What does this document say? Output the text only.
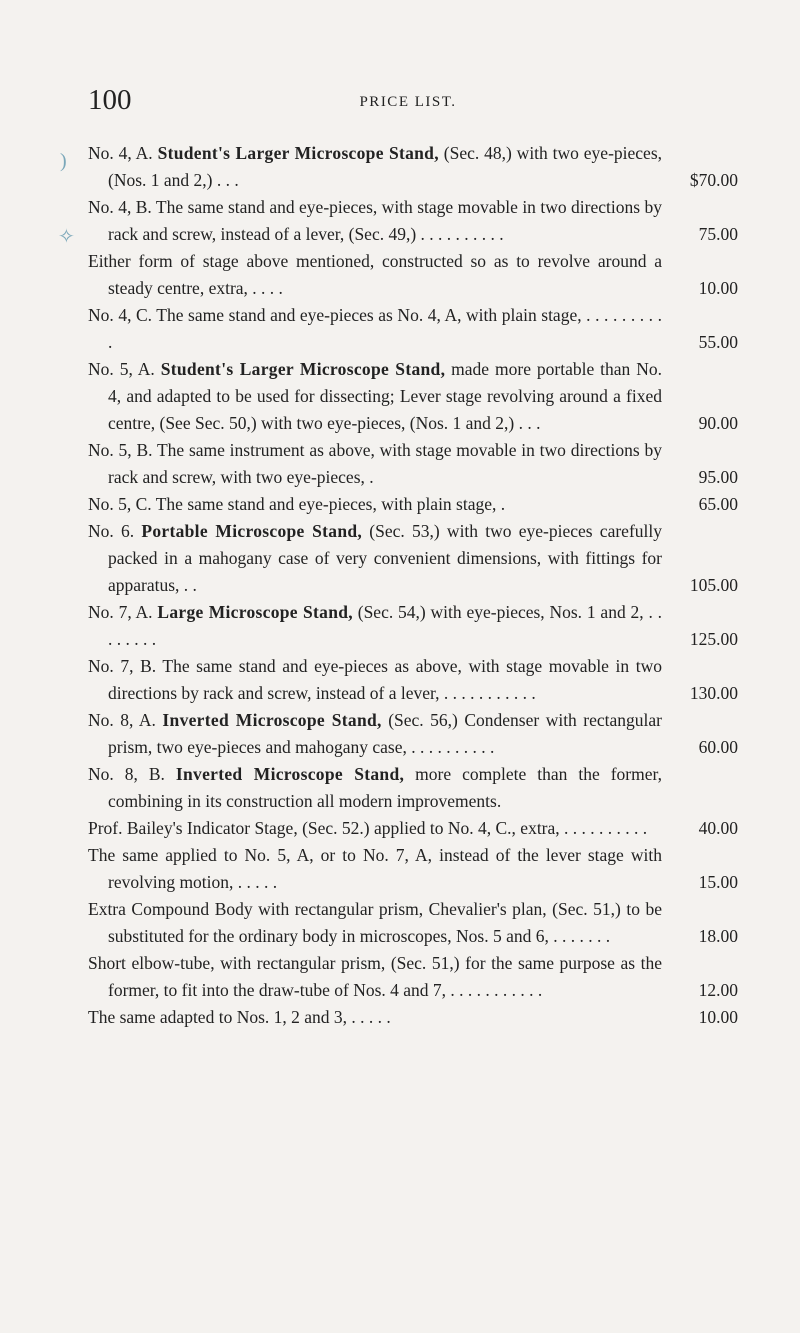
)
✧
100	PRICE LIST.
No. 4, A. Student's Larger Microscope Stand, (Sec. 48,) with two eye-pieces, (Nos. 1 and 2,) . . .	$70.00
No. 4, B. The same stand and eye-pieces, with stage movable in two directions by rack and screw, instead of a lever, (Sec. 49,) . . . . . . . . . .	75.00
Either form of stage above mentioned, constructed so as to revolve around a steady centre, extra, . . . .	10.00
No. 4, C. The same stand and eye-pieces as No. 4, A, with plain stage, . . . . . . . . . .	55.00
No. 5, A. Student's Larger Microscope Stand, made more portable than No. 4, and adapted to be used for dissecting; Lever stage revolving around a fixed centre, (See Sec. 50,) with two eye-pieces, (Nos. 1 and 2,) . . .	90.00
No. 5, B. The same instrument as above, with stage movable in two directions by rack and screw, with two eye-pieces, .	95.00
No. 5, C. The same stand and eye-pieces, with plain stage, .	65.00
No. 6. Portable Microscope Stand, (Sec. 53,) with two eye-pieces carefully packed in a mahogany case of very convenient dimensions, with fittings for apparatus, . .	105.00
No. 7, A. Large Microscope Stand, (Sec. 54,) with eye-pieces, Nos. 1 and 2, . . . . . . . .	125.00
No. 7, B. The same stand and eye-pieces as above, with stage movable in two directions by rack and screw, instead of a lever, . . . . . . . . . . .	130.00
No. 8, A. Inverted Microscope Stand, (Sec. 56,) Condenser with rectangular prism, two eye-pieces and mahogany case, . . . . . . . . . .	60.00
No. 8, B. Inverted Microscope Stand, more complete than the former, combining in its construction all modern improvements.
Prof. Bailey's Indicator Stage, (Sec. 52.) applied to No. 4, C., extra, . . . . . . . . . .	40.00
The same applied to No. 5, A, or to No. 7, A, instead of the lever stage with revolving motion, . . . . .	15.00
Extra Compound Body with rectangular prism, Chevalier's plan, (Sec. 51,) to be substituted for the ordinary body in microscopes, Nos. 5 and 6, . . . . . . .	18.00
Short elbow-tube, with rectangular prism, (Sec. 51,) for the same purpose as the former, to fit into the draw-tube of Nos. 4 and 7, . . . . . . . . . . .	12.00
The same adapted to Nos. 1, 2 and 3, . . . . .	10.00
